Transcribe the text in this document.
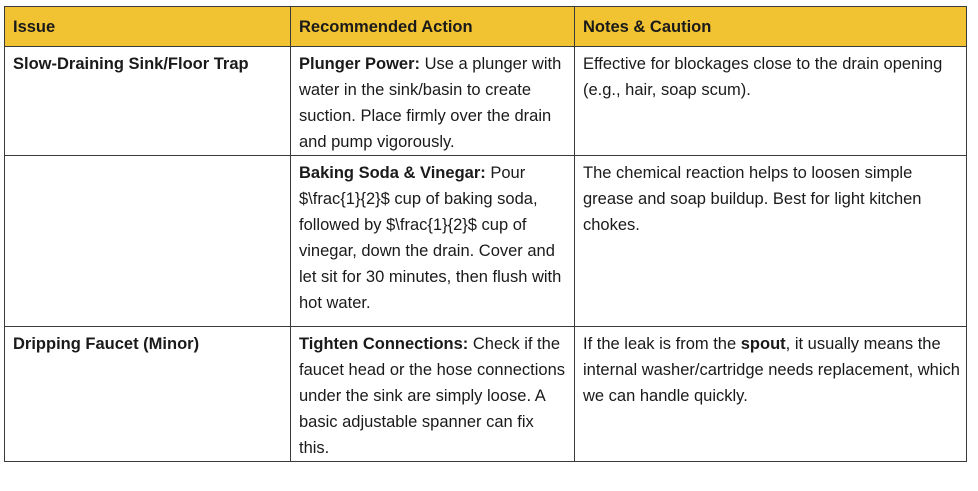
Issue	Recommended Action	Notes & Caution
Slow-Draining Sink/Floor Trap	Plunger Power: Use a plunger with water in the sink/basin to create suction. Place firmly over the drain and pump vigorously.	Effective for blockages close to the drain opening (e.g., hair, soap scum).
	Baking Soda & Vinegar: Pour $\frac{1}{2}$ cup of baking soda, followed by $\frac{1}{2}$ cup of vinegar, down the drain. Cover and let sit for 30 minutes, then flush with hot water.	The chemical reaction helps to loosen simple grease and soap buildup. Best for light kitchen chokes.
Dripping Faucet (Minor)	Tighten Connections: Check if the faucet head or the hose connections under the sink are simply loose. A basic adjustable spanner can fix this.	If the leak is from the spout, it usually means the internal washer/cartridge needs replacement, which we can handle quickly.
